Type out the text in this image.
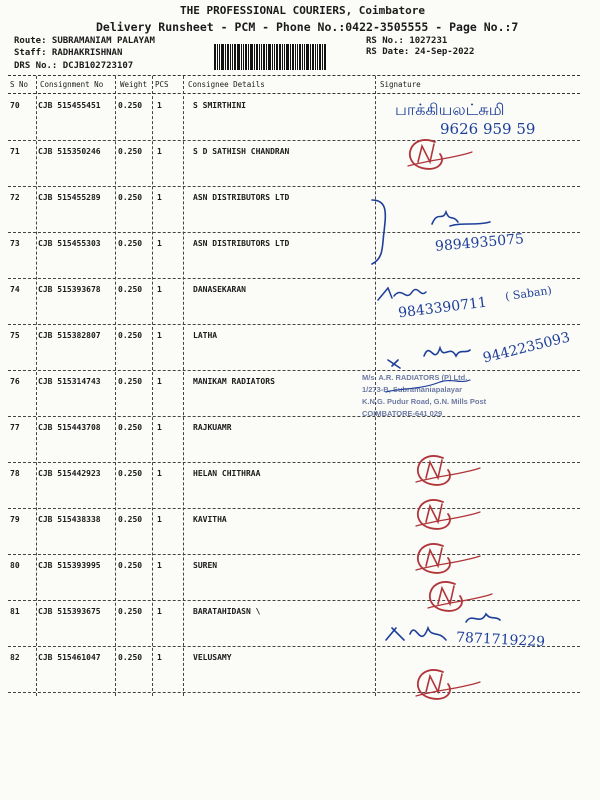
THE PROFESSIONAL COURIERS, Coimbatore
Delivery Runsheet - PCM - Phone No.:0422-3505555 - Page No.:7
Route: SUBRAMANIAM PALAYAM
Staff: RADHAKRISHNAN
DRS No.: DCJB102723107
RS No.: 1027231
RS Date: 24-Sep-2022
S No Consignment No Weight PCS	Consignee Details	Signature
70 CJB 515455451 0.250 1	S SMIRTHINI
71 CJB 515350246 0.250 1	S D SATHISH CHANDRAN
72 CJB 515455289 0.250 1	ASN DISTRIBUTORS LTD
73 CJB 515455303 0.250 1	ASN DISTRIBUTORS LTD
74 CJB 515393678 0.250 1	DANASEKARAN
75 CJB 515382807 0.250 1	LATHA
76 CJB 515314743 0.250 1	MANIKAM RADIATORS
77 CJB 515443708 0.250 1	RAJKUAMR
78 CJB 515442923 0.250 1	HELAN CHITHRAA
79 CJB 515438338 0.250 1	KAVITHA
80 CJB 515393995 0.250 1	SUREN
81 CJB 515393675 0.250 1	BARATAHIDASN \
82 CJB 515461047 0.250 1	VELUSAMY
பாக்கியலட்சுமி
9626 959 59
9894935075
9843390711
( Saban)
9442235093
7871719229
M/s. A.R. RADIATORS (P) Ltd.
1/273-B, Subramaniapalayar
K.N.G. Pudur Road, G.N. Mills Post
COIMBATORE-641 029
